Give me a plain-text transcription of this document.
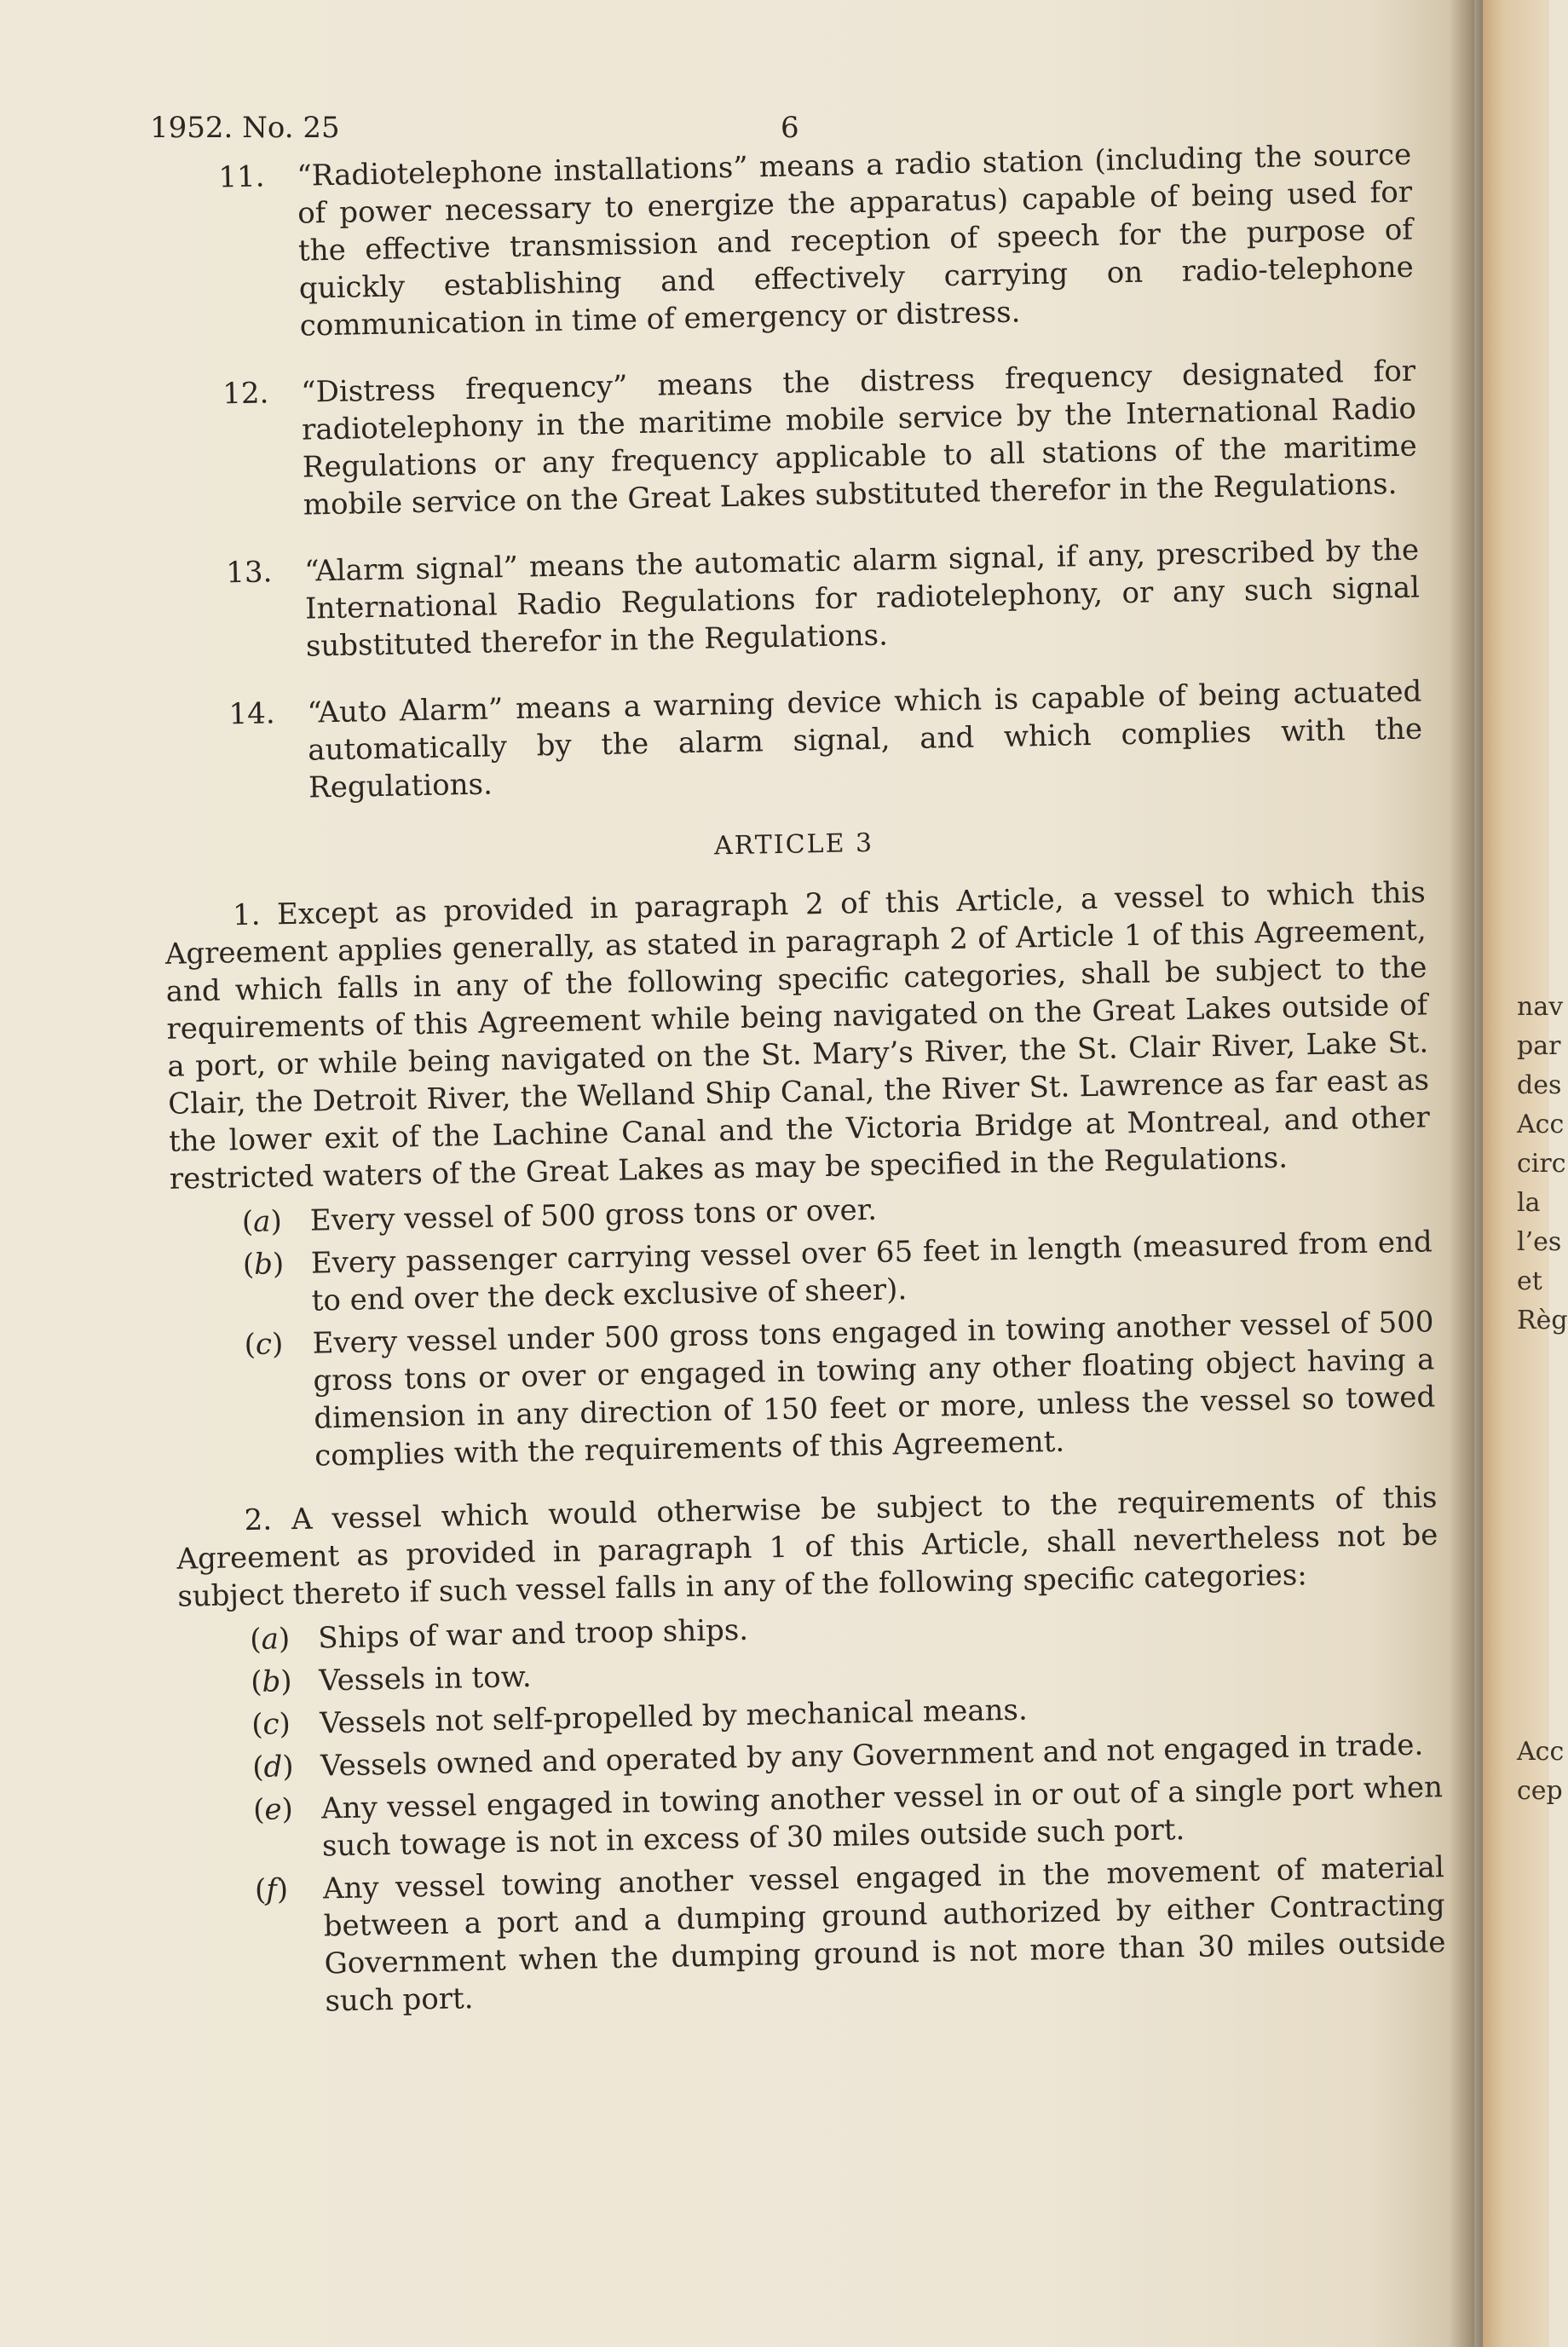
nav
par
des
Acc
circ
la
l’es
et
Règ
Acc
cep
1952. No. 25	6
11.	“Radiotelephone installations” means a radio station (including the source of power necessary to energize the apparatus) capable of being used for the effective transmission and reception of speech for the purpose of quickly establishing and effectively carrying on radio-telephone communication in time of emergency or distress.
12.	“Distress frequency” means the distress frequency designated for radiotelephony in the maritime mobile service by the International Radio Regulations or any frequency applicable to all stations of the maritime mobile service on the Great Lakes substituted therefor in the Regulations.
13.	“Alarm signal” means the automatic alarm signal, if any, prescribed by the International Radio Regulations for radiotelephony, or any such signal substituted therefor in the Regulations.
14.	“Auto Alarm” means a warning device which is capable of being actuated automatically by the alarm signal, and which complies with the Regulations.
ARTICLE 3
1. Except as provided in paragraph 2 of this Article, a vessel to which this Agreement applies generally, as stated in paragraph 2 of Article 1 of this Agreement, and which falls in any of the following specific categories, shall be subject to the requirements of this Agreement while being navigated on the Great Lakes outside of a port, or while being navigated on the St. Mary’s River, the St. Clair River, Lake St. Clair, the Detroit River, the Welland Ship Canal, the River St. Lawrence as far east as the lower exit of the Lachine Canal and the Victoria Bridge at Montreal, and other restricted waters of the Great Lakes as may be specified in the Regulations.
(a) Every vessel of 500 gross tons or over.
(b) Every passenger carrying vessel over 65 feet in length (measured from end to end over the deck exclusive of sheer).
(c) Every vessel under 500 gross tons engaged in towing another vessel of 500 gross tons or over or engaged in towing any other floating object having a dimension in any direction of 150 feet or more, unless the vessel so towed complies with the requirements of this Agreement.
2. A vessel which would otherwise be subject to the requirements of this Agreement as provided in paragraph 1 of this Article, shall nevertheless not be subject thereto if such vessel falls in any of the following specific categories:
(a) Ships of war and troop ships.
(b) Vessels in tow.
(c) Vessels not self-propelled by mechanical means.
(d) Vessels owned and operated by any Government and not engaged in trade.
(e) Any vessel engaged in towing another vessel in or out of a single port when such towage is not in excess of 30 miles outside such port.
(f)	Any vessel towing another vessel engaged in the movement of material between a port and a dumping ground authorized by either Contracting Government when the dumping ground is not more than 30 miles outside such port.
